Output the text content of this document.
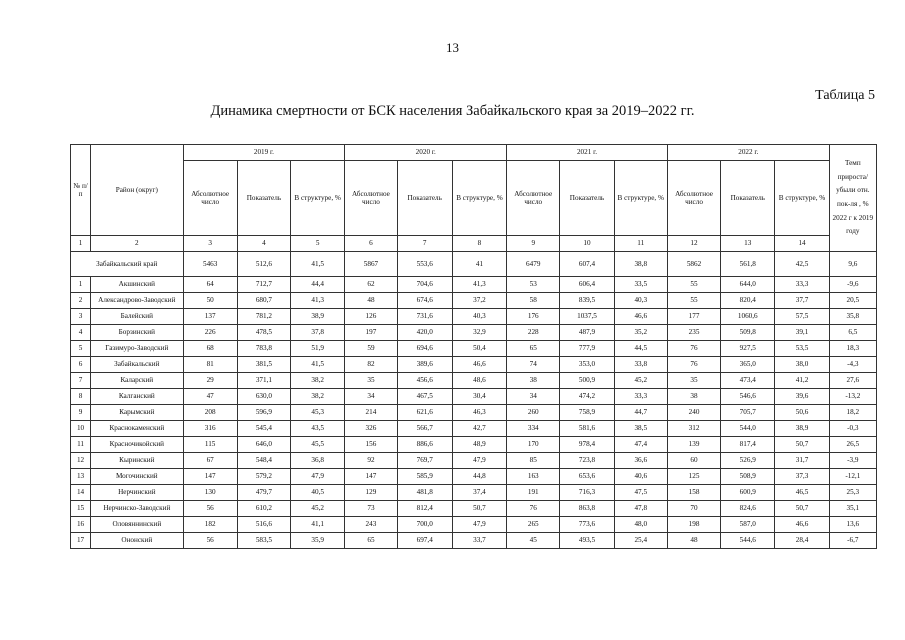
13
Таблица 5
Динамика смертности от БСК населения Забайкальского края за 2019–2022 гг.
№ п/п	Район (округ)	2019 г.			2020 г.			2021 г.			2022 г.			Темп прироста/ убыли отн. пок-ля , % 2022 г к 2019 году
		Абсолютное число	Показатель	В структуре, %	Абсолютное число	Показатель	В структуре, %	Абсолютное число	Показатель	В структуре, %	Абсолютное число	Показатель	В структуре, %	
1	2	3	4	5	6	7	8	9	10	11	12	13	14	
Забайкальский край		5463	512,6	41,5	5867	553,6	41	6479	607,4	38,8	5862	561,8	42,5	9,6
1	Акшинский	64	712,7	44,4	62	704,6	41,3	53	606,4	33,5	55	644,0	33,3	-9,6
2	Александрово-Заводский	50	680,7	41,3	48	674,6	37,2	58	839,5	40,3	55	820,4	37,7	20,5
3	Балейский	137	781,2	38,9	126	731,6	40,3	176	1037,5	46,6	177	1060,6	57,5	35,8
4	Борзинский	226	478,5	37,8	197	420,0	32,9	228	487,9	35,2	235	509,8	39,1	6,5
5	Газимуро-Заводский	68	783,8	51,9	59	694,6	50,4	65	777,9	44,5	76	927,5	53,5	18,3
6	Забайкальский	81	381,5	41,5	82	389,6	46,6	74	353,0	33,8	76	365,0	38,0	-4,3
7	Каларский	29	371,1	38,2	35	456,6	48,6	38	500,9	45,2	35	473,4	41,2	27,6
8	Калганский	47	630,0	38,2	34	467,5	30,4	34	474,2	33,3	38	546,6	39,6	-13,2
9	Карымский	208	596,9	45,3	214	621,6	46,3	260	758,9	44,7	240	705,7	50,6	18,2
10	Краснокаменский	316	545,4	43,5	326	566,7	42,7	334	581,6	38,5	312	544,0	38,9	-0,3
11	Красночикойский	115	646,0	45,5	156	886,6	48,9	170	978,4	47,4	139	817,4	50,7	26,5
12	Кыринский	67	548,4	36,8	92	769,7	47,9	85	723,8	36,6	60	526,9	31,7	-3,9
13	Могочинский	147	579,2	47,9	147	585,9	44,8	163	653,6	40,6	125	508,9	37,3	-12,1
14	Нерчинский	130	479,7	40,5	129	481,8	37,4	191	716,3	47,5	158	600,9	46,5	25,3
15	Нерчинско-Заводский	56	610,2	45,2	73	812,4	50,7	76	863,8	47,8	70	824,6	50,7	35,1
16	Оловяннинский	182	516,6	41,1	243	700,0	47,9	265	773,6	48,0	198	587,0	46,6	13,6
17	Ононский	56	583,5	35,9	65	697,4	33,7	45	493,5	25,4	48	544,6	28,4	-6,7
